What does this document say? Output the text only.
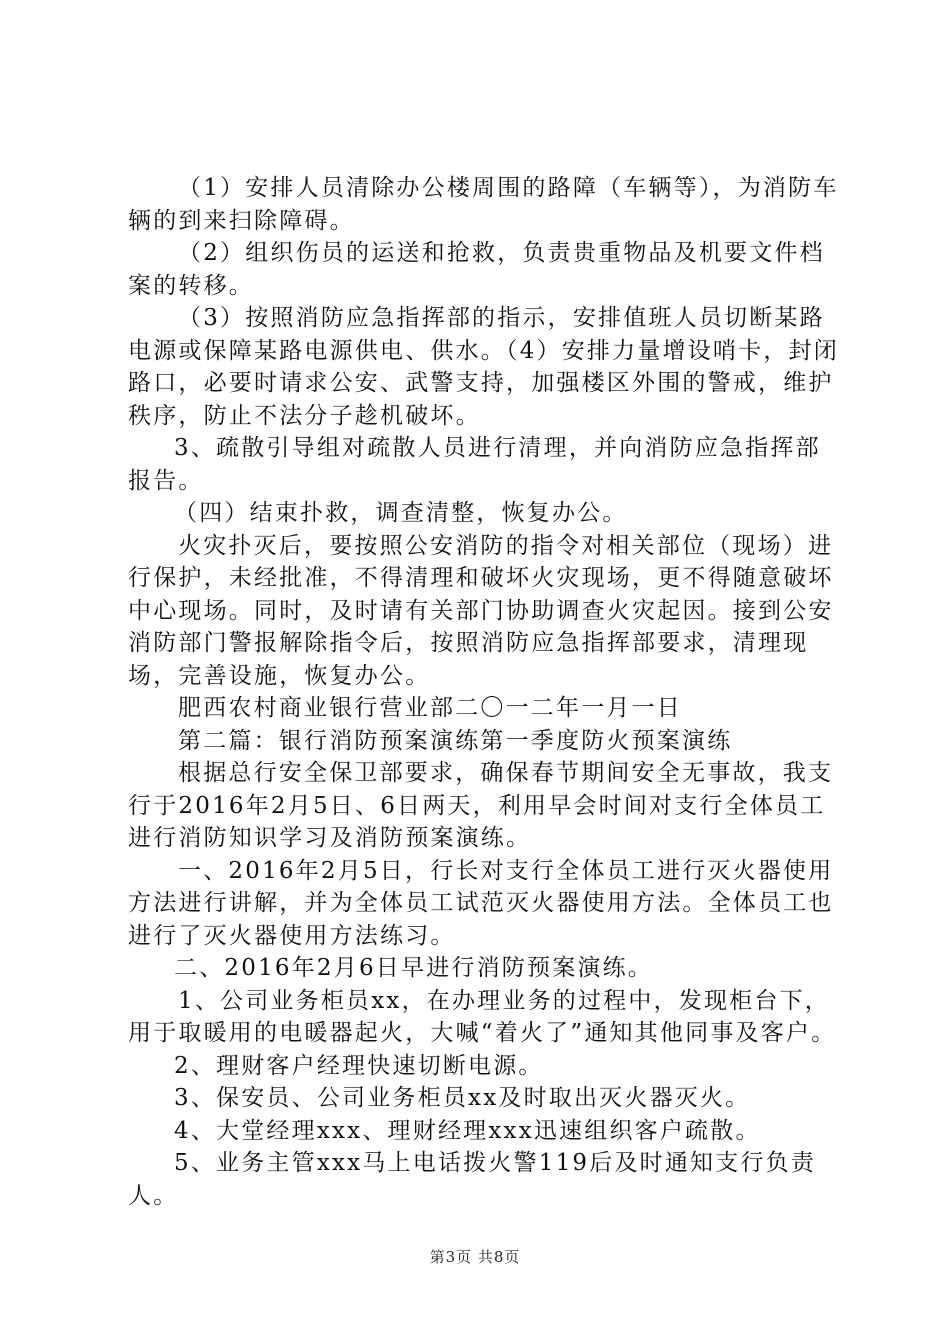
（1）安排人员清除办公楼周围的路障（车辆等），为消防车辆的到来扫除障碍。

（2）组织伤员的运送和抢救，负责贵重物品及机要文件档案的转移。

（3）按照消防应急指挥部的指示，安排值班人员切断某路电源或保障某路电源供电、供水。（4）安排力量增设哨卡，封闭路口，必要时请求公安、武警支持，加强楼区外围的警戒，维护秩序，防止不法分子趁机破坏。

3、疏散引导组对疏散人员进行清理，并向消防应急指挥部报告。

（四）结束扑救，调查清整，恢复办公。

火灾扑灭后，要按照公安消防的指令对相关部位（现场）进行保护，未经批准，不得清理和破坏火灾现场，更不得随意破坏中心现场。同时，及时请有关部门协助调查火灾起因。接到公安消防部门警报解除指令后，按照消防应急指挥部要求，清理现场，完善设施，恢复办公。

肥西农村商业银行营业部二〇一二年一月一日

第二篇：银行消防预案演练第一季度防火预案演练

根据总行安全保卫部要求，确保春节期间安全无事故，我支行于2016年2月5日、6日两天，利用早会时间对支行全体员工进行消防知识学习及消防预案演练。

一、2016年2月5日，行长对支行全体员工进行灭火器使用方法进行讲解，并为全体员工试范灭火器使用方法。全体员工也进行了灭火器使用方法练习。

二、2016年2月6日早进行消防预案演练。

1、公司业务柜员xx，在办理业务的过程中，发现柜台下，用于取暖用的电暖器起火，大喊“着火了”通知其他同事及客户。

2、理财客户经理快速切断电源。

3、保安员、公司业务柜员xx及时取出灭火器灭火。

4、大堂经理xxx、理财经理xxx迅速组织客户疏散。

5、业务主管xxx马上电话拨火警119后及时通知支行负责人。

第3页 共8页
